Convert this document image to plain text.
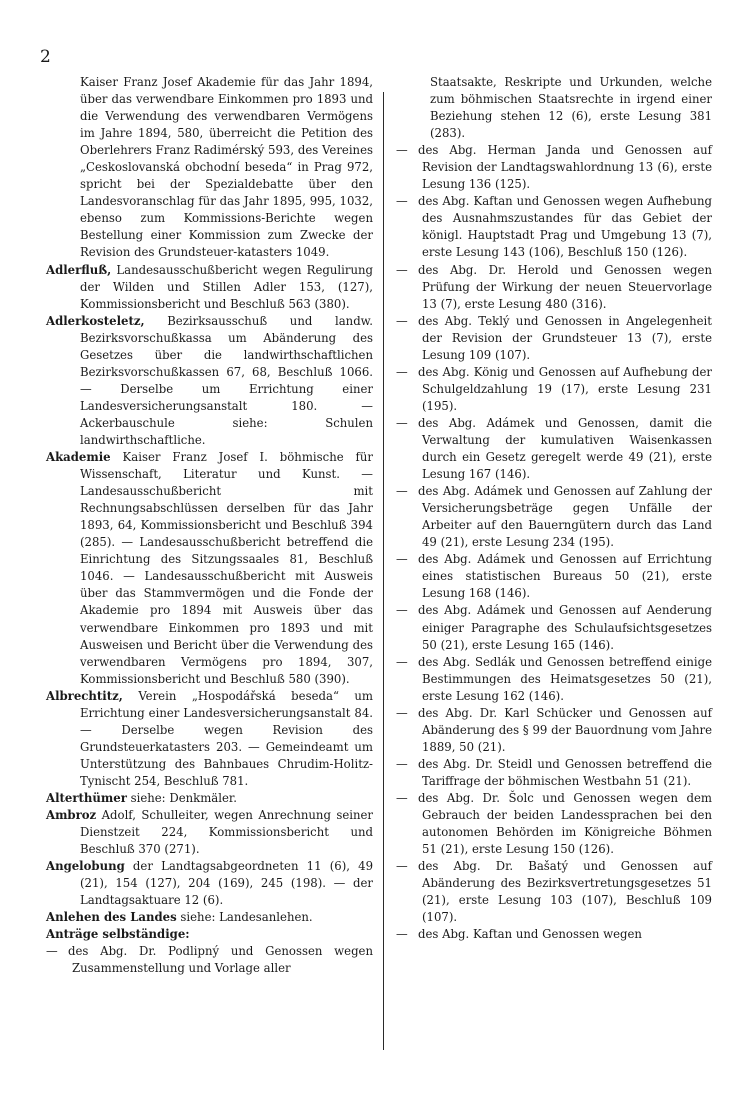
2

Kaiser Franz Josef Akademie für das Jahr 1894, über das verwendbare Einkommen pro 1893 und die Verwendung des verwendbaren Vermögens im Jahre 1894, 580, überreicht die Petition des Oberlehrers Franz Radimérský 593, des Vereines „Ceskoslovanská obchodní beseda“ in Prag 972, spricht bei der Spezialdebatte über den Landesvoranschlag für das Jahr 1895, 995, 1032, ebenso zum Kommissions-Berichte wegen Bestellung einer Kommission zum Zwecke der Revision des Grundsteuer-katasters 1049.

Adlerfluß, Landesausschußbericht wegen Regulirung der Wilden und Stillen Adler 153, (127), Kommissionsbericht und Beschluß 563 (380).

Adlerkosteletz, Bezirksausschuß und landw. Bezirksvorschußkassa um Abänderung des Gesetzes über die landwirthschaftlichen Bezirksvorschußkassen 67, 68, Beschluß 1066. — Derselbe um Errichtung einer Landesversicherungsanstalt 180. — Ackerbauschule siehe: Schulen landwirthschaftliche.

Akademie Kaiser Franz Josef I. böhmische für Wissenschaft, Literatur und Kunst. — Landesausschußbericht mit Rechnungsabschlüssen derselben für das Jahr 1893, 64, Kommissionsbericht und Beschluß 394 (285). — Landesausschußbericht betreffend die Einrichtung des Sitzungssaales 81, Beschluß 1046. — Landesausschußbericht mit Ausweis über das Stammvermögen und die Fonde der Akademie pro 1894 mit Ausweis über das verwendbare Einkommen pro 1893 und mit Ausweisen und Bericht über die Verwendung des verwendbaren Vermögens pro 1894, 307, Kommissionsbericht und Beschluß 580 (390).

Albrechtitz, Verein „Hospodářská beseda“ um Errichtung einer Landesversicherungsanstalt 84. — Derselbe wegen Revision des Grundsteuerkatasters 203. — Gemeindeamt um Unterstützung des Bahnbaues Chrudim-Holitz-Tynischt 254, Beschluß 781.

Alterthümer siehe: Denkmäler.

Ambroz Adolf, Schulleiter, wegen Anrechnung seiner Dienstzeit 224, Kommissionsbericht und Beschluß 370 (271).

Angelobung der Landtagsabgeordneten 11 (6), 49 (21), 154 (127), 204 (169), 245 (198). — der Landtagsaktuare 12 (6).

Anlehen des Landes siehe: Landesanlehen.

Anträge selbständige:

— des Abg. Dr. Podlipný und Genossen wegen Zusammenstellung und Vorlage aller

Staatsakte, Reskripte und Urkunden, welche zum böhmischen Staatsrechte in irgend einer Beziehung stehen 12 (6), erste Lesung 381 (283).

— des Abg. Herman Janda und Genossen auf Revision der Landtagswahlordnung 13 (6), erste Lesung 136 (125).

— des Abg. Kaftan und Genossen wegen Aufhebung des Ausnahmszustandes für das Gebiet der königl. Hauptstadt Prag und Umgebung 13 (7), erste Lesung 143 (106), Beschluß 150 (126).

— des Abg. Dr. Herold und Genossen wegen Prüfung der Wirkung der neuen Steuervorlage 13 (7), erste Lesung 480 (316).

— des Abg. Teklý und Genossen in Angelegenheit der Revision der Grundsteuer 13 (7), erste Lesung 109 (107).

— des Abg. König und Genossen auf Aufhebung der Schulgeldzahlung 19 (17), erste Lesung 231 (195).

— des Abg. Adámek und Genossen, damit die Verwaltung der kumulativen Waisenkassen durch ein Gesetz geregelt werde 49 (21), erste Lesung 167 (146).

— des Abg. Adámek und Genossen auf Zahlung der Versicherungsbeträge gegen Unfälle der Arbeiter auf den Bauerngütern durch das Land 49 (21), erste Lesung 234 (195).

— des Abg. Adámek und Genossen auf Errichtung eines statistischen Bureaus 50 (21), erste Lesung 168 (146).

— des Abg. Adámek und Genossen auf Aenderung einiger Paragraphe des Schulaufsichtsgesetzes 50 (21), erste Lesung 165 (146).

— des Abg. Sedlák und Genossen betreffend einige Bestimmungen des Heimatsgesetzes 50 (21), erste Lesung 162 (146).

— des Abg. Dr. Karl Schücker und Genossen auf Abänderung des § 99 der Bauordnung vom Jahre 1889, 50 (21).

— des Abg. Dr. Steidl und Genossen betreffend die Tariffrage der böhmischen Westbahn 51 (21).

— des Abg. Dr. Šolc und Genossen wegen dem Gebrauch der beiden Landessprachen bei den autonomen Behörden im Königreiche Böhmen 51 (21), erste Lesung 150 (126).

— des Abg. Dr. Bašatý und Genossen auf Abänderung des Bezirksvertretungsgesetzes 51 (21), erste Lesung 103 (107), Beschluß 109 (107).

— des Abg. Kaftan und Genossen wegen
